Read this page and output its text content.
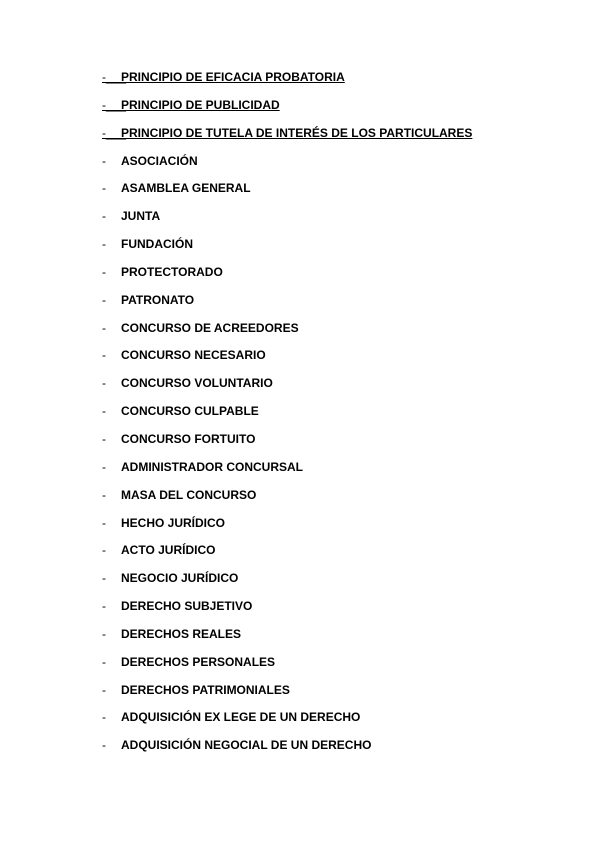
-___
PRINCIPIO DE EFICACIA PROBATORIA
-___
PRINCIPIO DE PUBLICIDAD
-___
PRINCIPIO DE TUTELA DE INTERÉS DE LOS PARTICULARES
-	ASOCIACIÓN
-	ASAMBLEA GENERAL
-	JUNTA
-	FUNDACIÓN
-	PROTECTORADO
-	PATRONATO
-	CONCURSO DE ACREEDORES
-	CONCURSO NECESARIO
-	CONCURSO VOLUNTARIO
-	CONCURSO CULPABLE
-	CONCURSO FORTUITO
-	ADMINISTRADOR CONCURSAL
-	MASA DEL CONCURSO
-	HECHO JURÍDICO
-	ACTO JURÍDICO
-	NEGOCIO JURÍDICO
-	DERECHO SUBJETIVO
-	DERECHOS REALES
-	DERECHOS PERSONALES
-	DERECHOS PATRIMONIALES
-	ADQUISICIÓN EX LEGE DE UN DERECHO
-	ADQUISICIÓN NEGOCIAL DE UN DERECHO
